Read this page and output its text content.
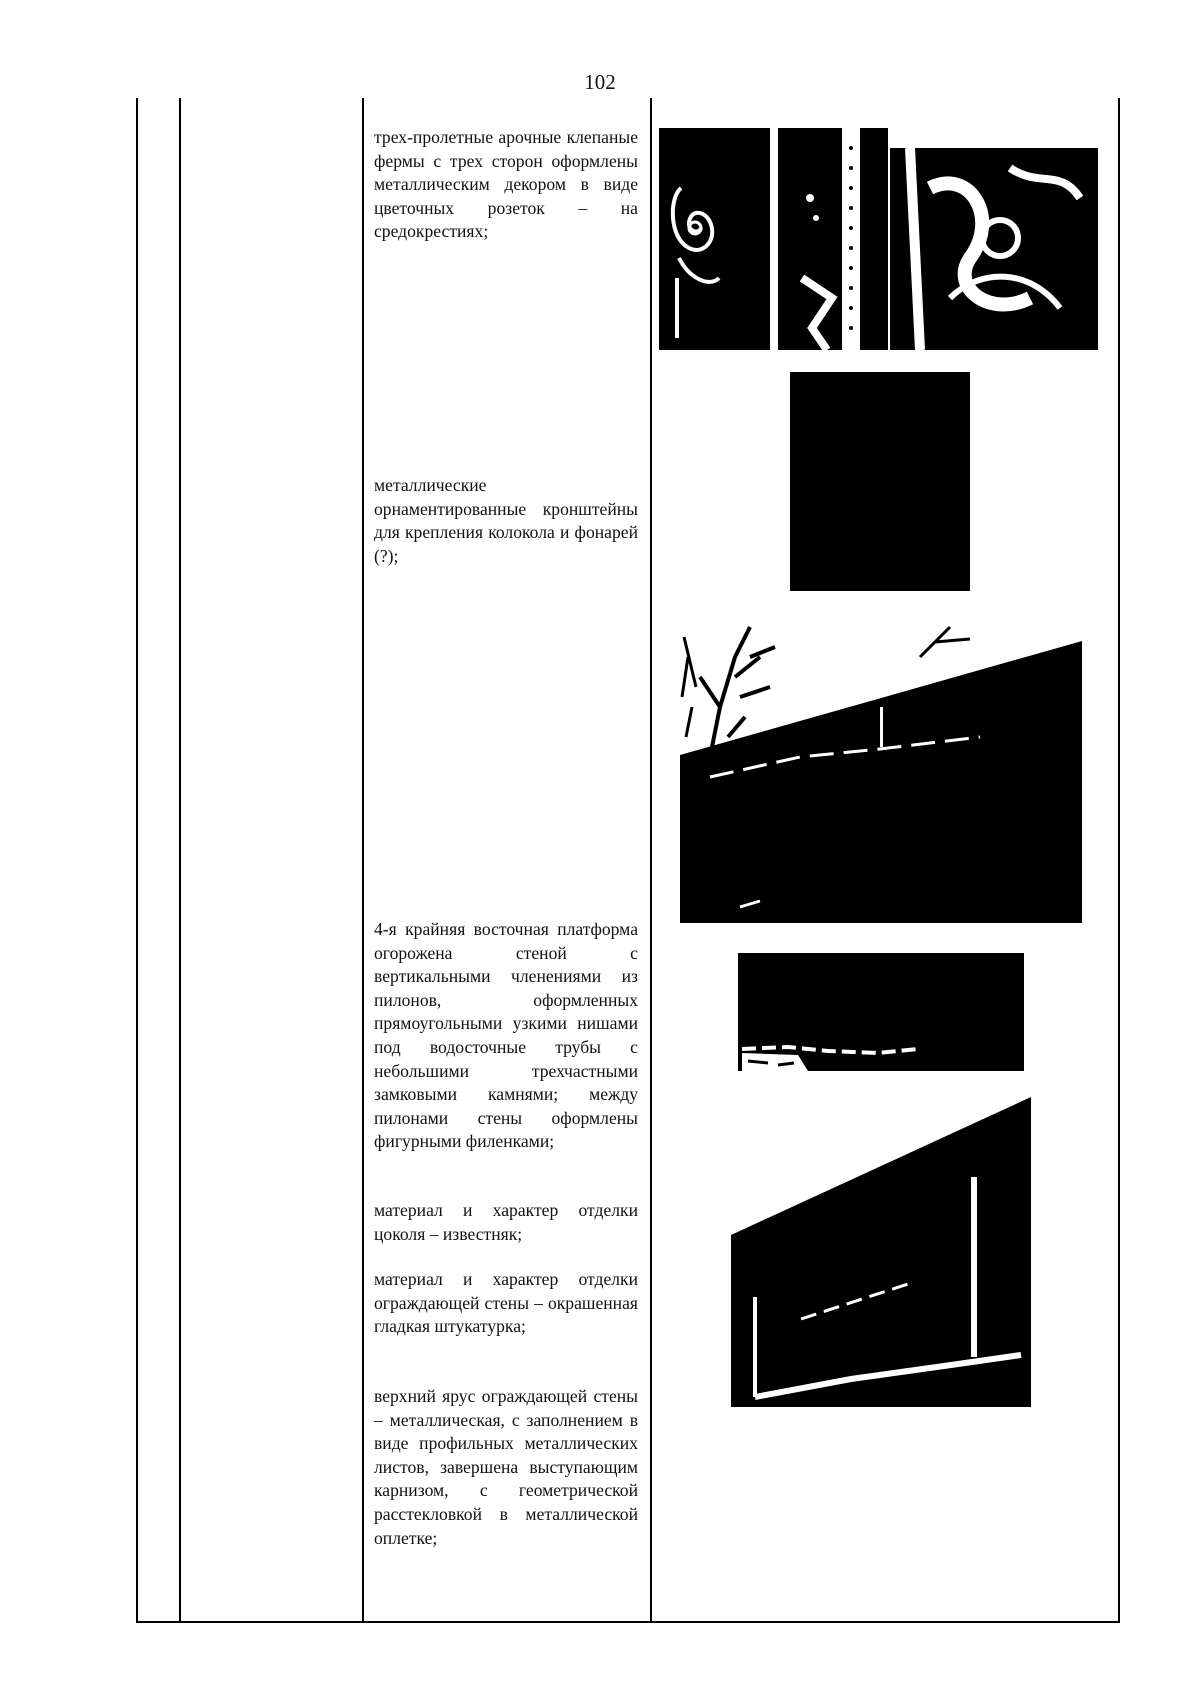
102
трех-пролетные арочные клепаные фермы с трех сторон оформлены металлическим декором в виде цветочных розеток – на средокрестиях;
металлические орнаментированные кронштейны для крепления колокола и фонарей (?);
4-я крайняя восточная платформа огорожена стеной с вертикальными членениями из пилонов, оформленных прямоугольными узкими нишами под водосточные трубы с небольшими трехчастными замковыми камнями; между пилонами стены оформлены фигурными филенками;
материал и характер отделки цоколя – известняк;
материал и характер отделки ограждающей стены – окрашенная гладкая штукатурка;
верхний ярус ограждающей стены – металлическая, с заполнением в виде профильных металлических листов, завершена выступающим карнизом, с геометрической расстекловкой в металлической оплетке;
